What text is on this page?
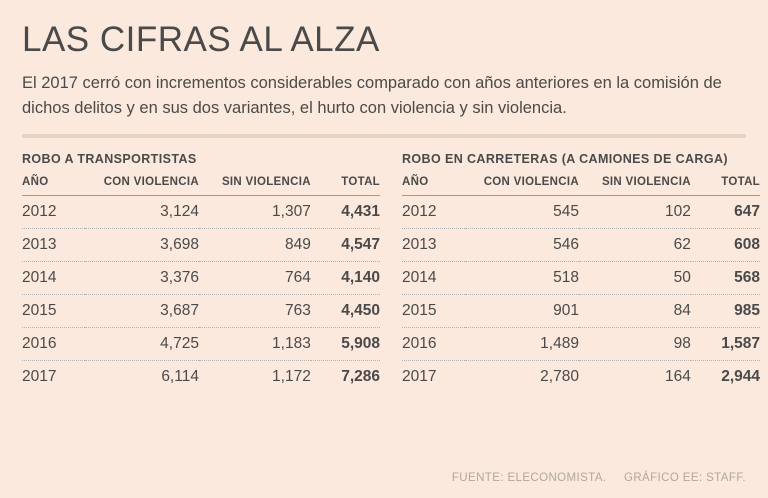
LAS CIFRAS AL ALZA

El 2017 cerró con incrementos considerables comparado con años anteriores en la comisión de dichos delitos y en sus dos variantes, el hurto con violencia y sin violencia.

ROBO A TRANSPORTISTAS
AÑO	CON VIOLENCIA	SIN VIOLENCIA	TOTAL
2012	3,124	1,307	4,431
2013	3,698	849	4,547
2014	3,376	764	4,140
2015	3,687	763	4,450
2016	4,725	1,183	5,908
2017	6,114	1,172	7,286
ROBO EN CARRETERAS (A CAMIONES DE CARGA)
AÑO	CON VIOLENCIA	SIN VIOLENCIA	TOTAL
2012	545	102	647
2013	546	62	608
2014	518	50	568
2015	901	84	985
2016	1,489	98	1,587
2017	2,780	164	2,944
FUENTE: ELECONOMISTA. GRÁFICO EE: STAFF.
